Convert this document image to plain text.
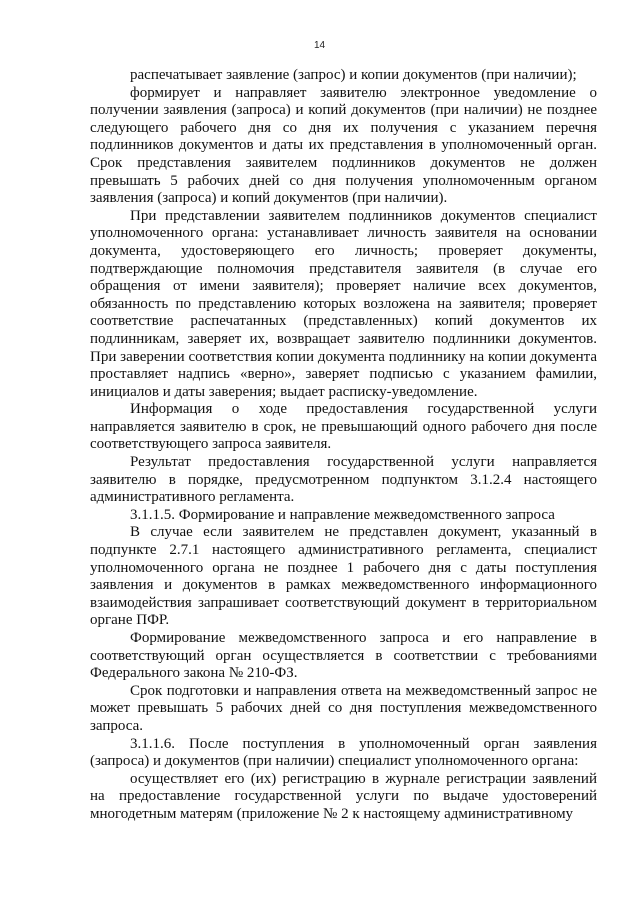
14

распечатывает заявление (запрос) и копии документов (при наличии);

формирует и направляет заявителю электронное уведомление о получении заявления (запроса) и копий документов (при наличии) не позднее следующего рабочего дня со дня их получения с указанием перечня подлинников документов и даты их представления в уполномоченный орган. Срок представления заявителем подлинников документов не должен превышать 5 рабочих дней со дня получения уполномоченным органом заявления (запроса) и копий документов (при наличии).

При представлении заявителем подлинников документов специалист уполномоченного органа: устанавливает личность заявителя на основании документа, удостоверяющего его личность; проверяет документы, подтверждающие полномочия представителя заявителя (в случае его обращения от имени заявителя); проверяет наличие всех документов, обязанность по представлению которых возложена на заявителя; проверяет соответствие распечатанных (представленных) копий документов их подлинникам, заверяет их, возвращает заявителю подлинники документов. При заверении соответствия копии документа подлиннику на копии документа проставляет надпись «верно», заверяет подписью с указанием фамилии, инициалов и даты заверения; выдает расписку-уведомление.

Информация о ходе предоставления государственной услуги направляется заявителю в срок, не превышающий одного рабочего дня после соответствующего запроса заявителя.

Результат предоставления государственной услуги направляется заявителю в порядке, предусмотренном подпунктом 3.1.2.4 настоящего административного регламента.

3.1.1.5. Формирование и направление межведомственного запроса

В случае если заявителем не представлен документ, указанный в подпункте 2.7.1 настоящего административного регламента, специалист уполномоченного органа не позднее 1 рабочего дня с даты поступления заявления и документов в рамках межведомственного информационного взаимодействия запрашивает соответствующий документ в территориальном органе ПФР.

Формирование межведомственного запроса и его направление в соответствующий орган осуществляется в соответствии с требованиями Федерального закона № 210-ФЗ.

Срок подготовки и направления ответа на межведомственный запрос не может превышать 5 рабочих дней со дня поступления межведомственного запроса.

3.1.1.6. После поступления в уполномоченный орган заявления (запроса) и документов (при наличии) специалист уполномоченного органа:

осуществляет его (их) регистрацию в журнале регистрации заявлений на предоставление государственной услуги по выдаче удостоверений многодетным матерям (приложение № 2 к настоящему административному
